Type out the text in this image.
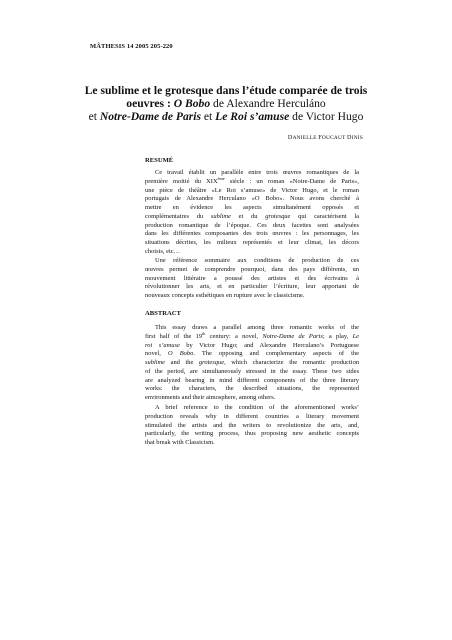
MÂTHESIS 14 2005 205-220
Le sublime et le grotesque dans l’étude comparée de trois
oeuvres : O Bobo de Alexandre Herculáno
et Notre-Dame de Paris et Le Roi s’amuse de Victor Hugo
DANIELLE FOUCAUT DINIS
RESUMÉ
Ce travail établit un parallèle entre trois œuvres romantiques de la
première moitié du XIXème siècle : un roman «Notre-Dame de Paris»,
une pièce de théâtre «Le Roi s’amuse» de Victor Hugo, et le roman
portugais de Alexandre Herculano «O Bobo». Nous avons cherché à
mettre en évidence les aspects simultanément opposés et
complémentaires du sublime et du grotesque qui caractérisent la
production romantique de l’époque. Ces deux facettes sont analysées
dans les différentes composantes des trois œuvres : les personnages, les
situations décrites, les milieux représentés et leur climat, les décors
choisis, etc…
Une référence sommaire aux conditions de production de ces
œuvres permet de comprendre pourquoi, dans des pays différents, un
mouvement littéraire a poussé des artistes et des écrivains à
révolutionner les arts, et en particulier l’écriture, leur apportant de
nouveaux concepts esthétiques en rupture avec le classicisme.
ABSTRACT
This essay draws a parallel among three romantic works of the
first half of the 19th century: a novel, Notre-Dame de Paris; a play, Le
roi s’amuse by Victor Hugo; and Alexandre Herculano’s Portuguese
novel, O Bobo. The opposing and complementary aspects of the
sublime and the grotesque, which characterize the romantic production
of the period, are simultaneously stressed in the essay. These two sides
are analyzed bearing in mind different components of the three literary
works: the characters, the described situations, the represented
environments and their atmosphere, among others.
A brief reference to the condition of the aforementioned works’
production reveals why in different countries a literary movement
stimulated the artists and the writers to revolutionize the arts, and,
particularly, the writing process, thus proposing new aesthetic concepts
that break with Classicism.
